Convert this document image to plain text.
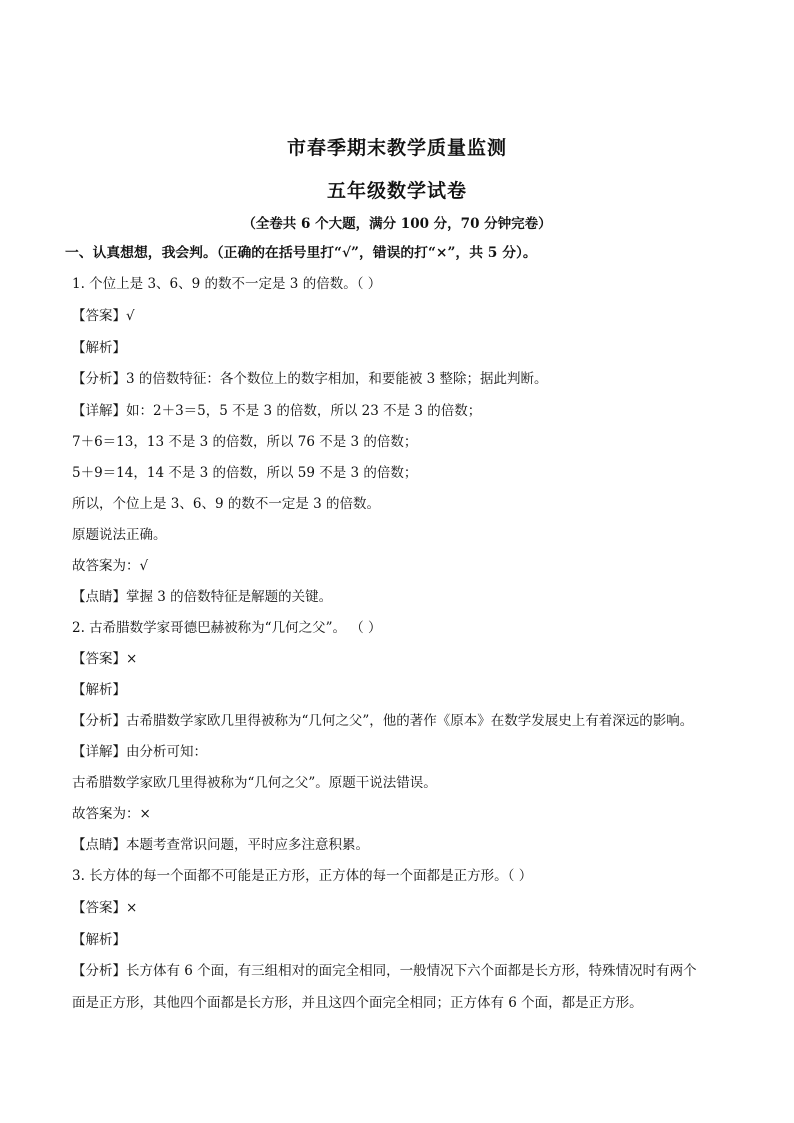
市春季期末教学质量监测
五年级数学试卷
（全卷共 6 个大题，满分 100 分，70 分钟完卷）
一、认真想想，我会判。（正确的在括号里打“√”，错误的打“×”，共 5 分）。
1. 个位上是 3、6、9 的数不一定是 3 的倍数。（ ）
【答案】√
【解析】
【分析】3 的倍数特征：各个数位上的数字相加，和要能被 3 整除；据此判断。
【详解】如：2＋3＝5，5 不是 3 的倍数，所以 23 不是 3 的倍数；
7＋6＝13，13 不是 3 的倍数，所以 76 不是 3 的倍数；
5＋9＝14，14 不是 3 的倍数，所以 59 不是 3 的倍数；
所以，个位上是 3、6、9 的数不一定是 3 的倍数。
原题说法正确。
故答案为：√
【点睛】掌握 3 的倍数特征是解题的关键。
2. 古希腊数学家哥德巴赫被称为“几何之父”。 （ ）
【答案】×
【解析】
【分析】古希腊数学家欧几里得被称为“几何之父”，他的著作《原本》在数学发展史上有着深远的影响。
【详解】由分析可知：
古希腊数学家欧几里得被称为“几何之父”。原题干说法错误。
故答案为：×
【点睛】本题考查常识问题，平时应多注意积累。
3. 长方体的每一个面都不可能是正方形，正方体的每一个面都是正方形。（ ）
【答案】×
【解析】
【分析】长方体有 6 个面，有三组相对的面完全相同，一般情况下六个面都是长方形，特殊情况时有两个
面是正方形，其他四个面都是长方形，并且这四个面完全相同；正方体有 6 个面，都是正方形。
